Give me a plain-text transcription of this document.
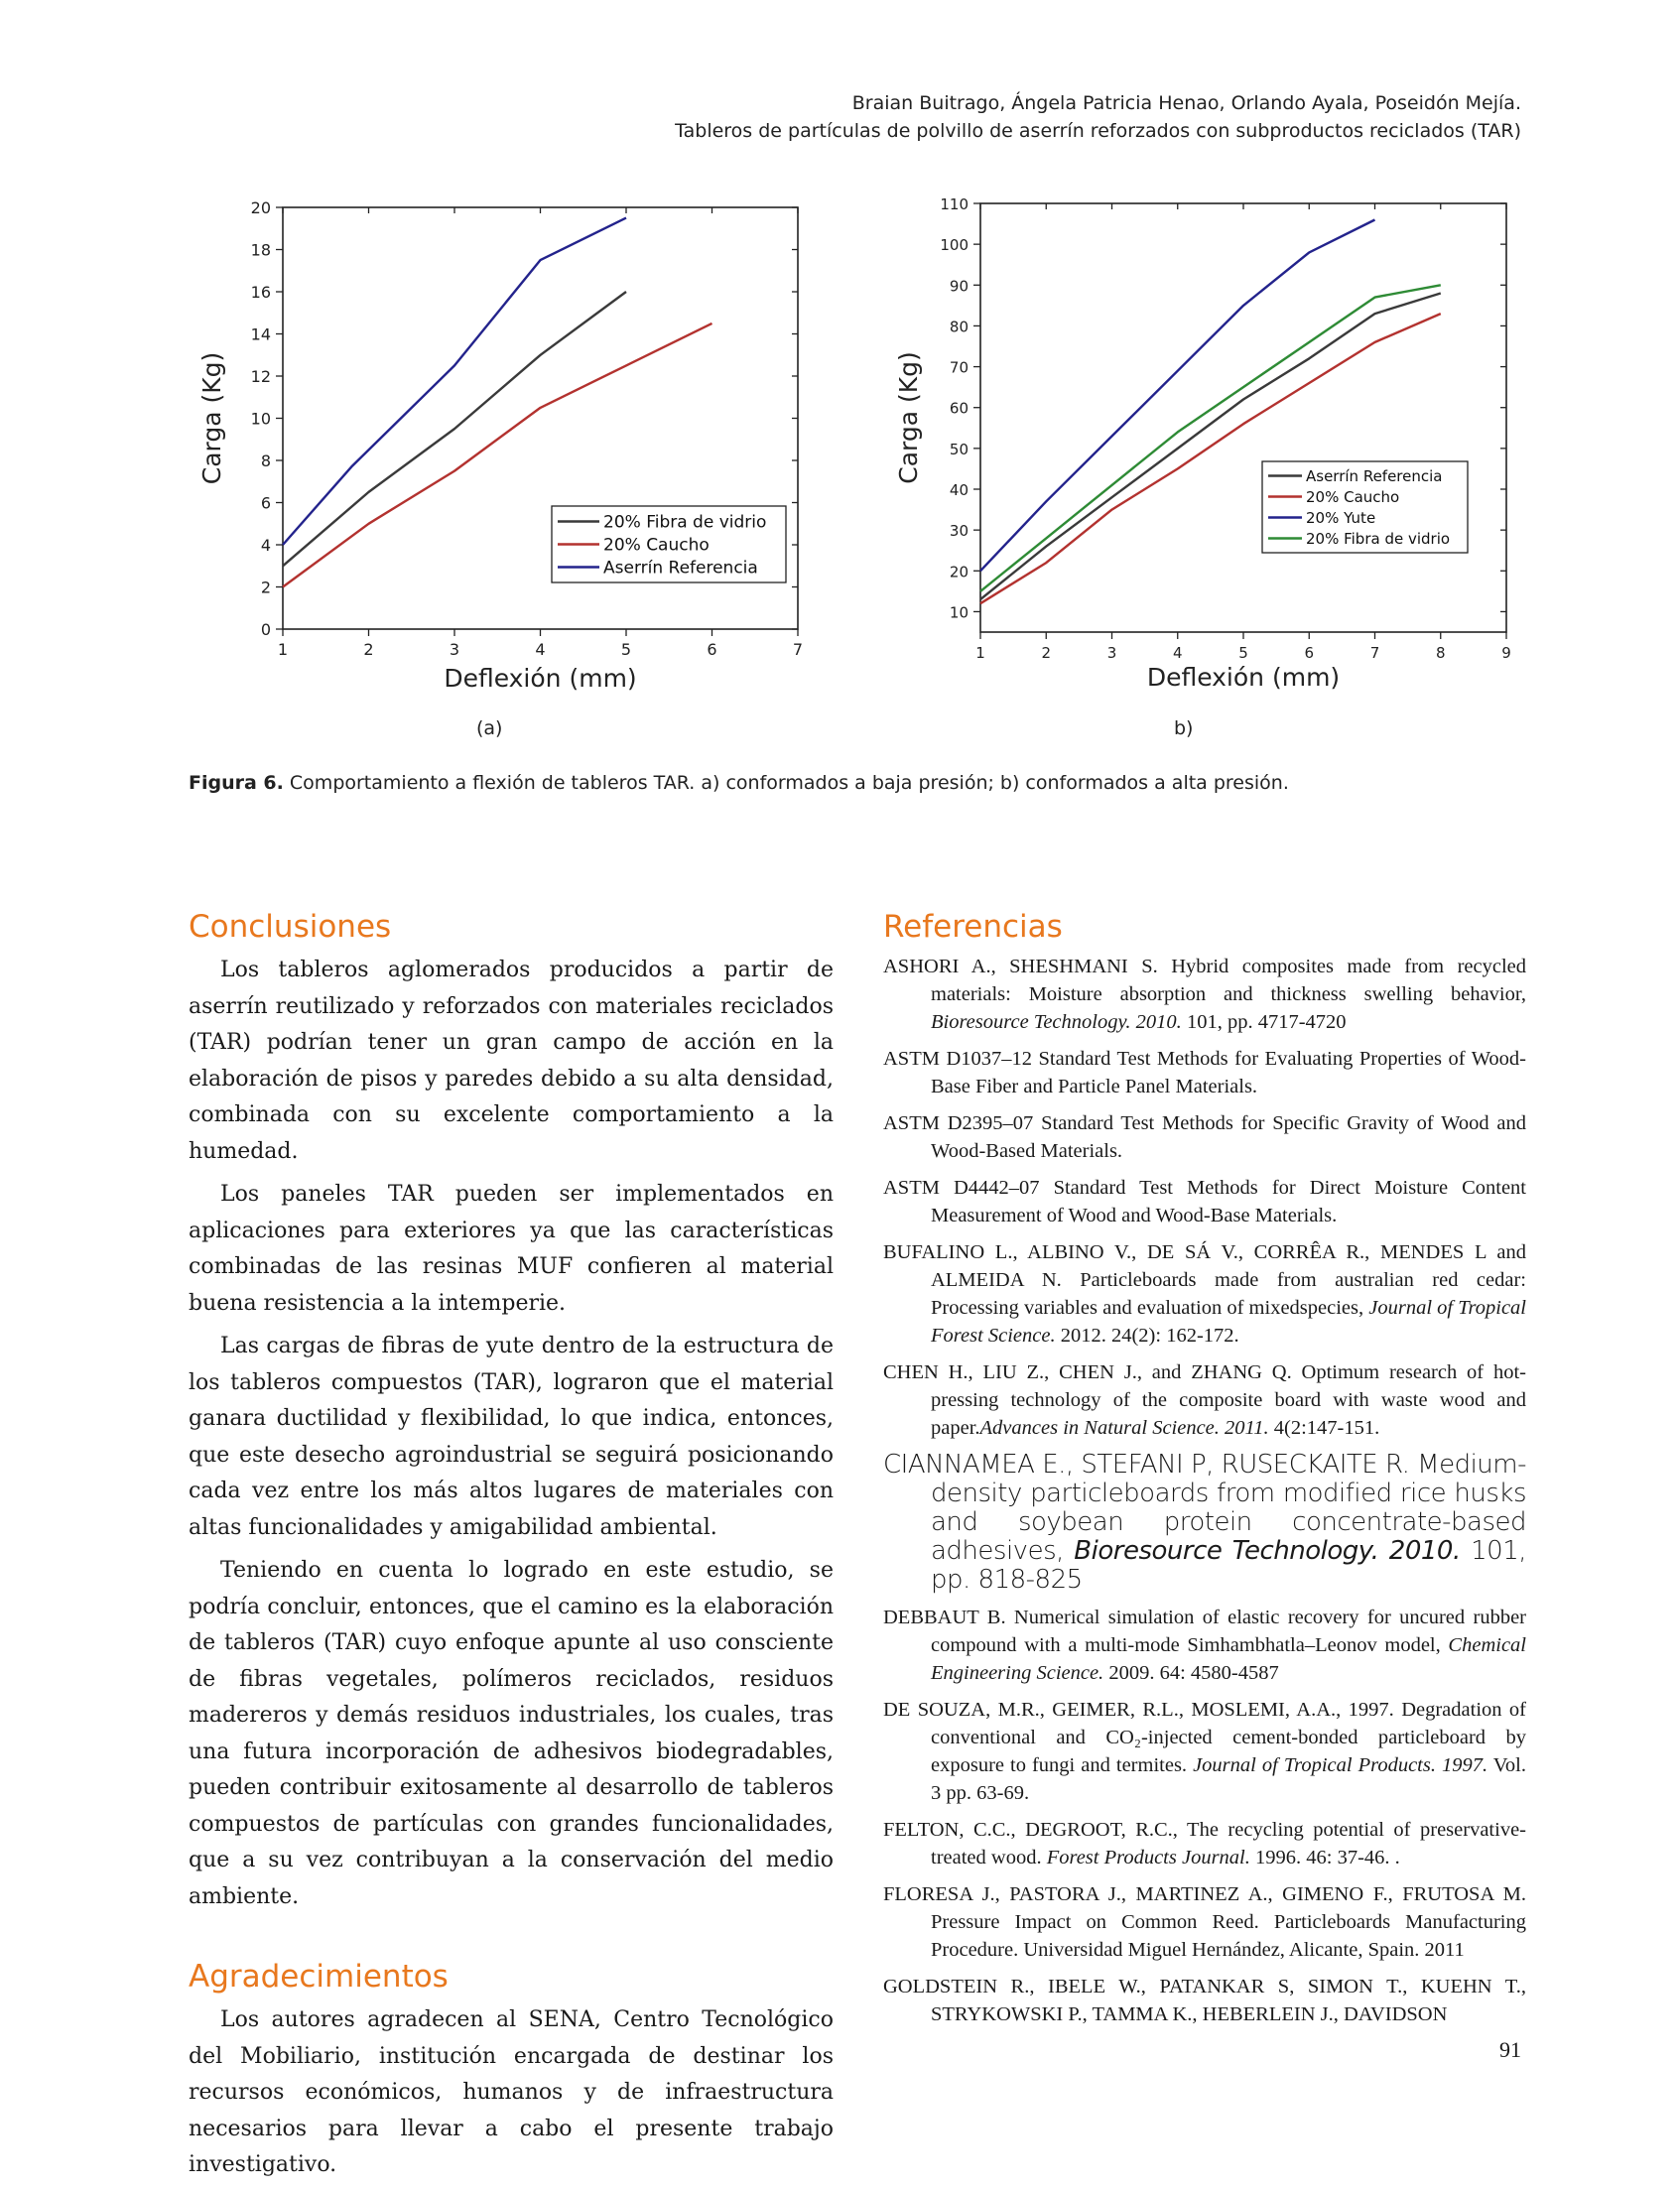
Braian Buitrago, Ángela Patricia Henao, Orlando Ayala, Poseidón Mejía.
Tableros de partículas de polvillo de aserrín reforzados con subproductos reciclados (TAR)
1	2	3	4	5	6	7
0
2
4
6
8
10
12
14
16
18
20
Deflexión (mm)
Carga (Kg)
20% Fibra de vidrio
20% Caucho
Aserrín Referencia
1	2	3	4	5	6	7	8	9
10
20
30
40
50
60
70
80
90
100
110
Deflexión (mm)
Carga (Kg)	Aserrín Referencia
20% Caucho
20% Yute
20% Fibra de vidrio
(a)	b)
Figura 6. Comportamiento a flexión de tableros TAR. a) conformados a baja presión; b) conformados a alta presión.
Conclusiones

Los tableros aglomerados producidos a partir de aserrín reutilizado y reforzados con materiales reciclados (TAR) podrían tener un gran campo de acción en la elaboración de pisos y paredes debido a su alta densidad, combinada con su excelente comportamiento a la humedad.

Los paneles TAR pueden ser implementados en aplicaciones para exteriores ya que las características combinadas de las resinas MUF confieren al material buena resistencia a la intemperie.

Las cargas de fibras de yute dentro de la estructura de los tableros compuestos (TAR), lograron que el material ganara ductilidad y flexibilidad, lo que indica, entonces, que este desecho agroindustrial se seguirá posicionando cada vez entre los más altos lugares de materiales con altas funcionalidades y amigabilidad ambiental.

Teniendo en cuenta lo logrado en este estudio, se podría concluir, entonces, que el camino es la elaboración de tableros (TAR) cuyo enfoque apunte al uso consciente de fibras vegetales, polímeros reciclados, residuos madereros y demás residuos industriales, los cuales, tras una futura incorporación de adhesivos biodegradables, pueden contribuir exitosamente al desarrollo de tableros compuestos de partículas con grandes funcionalidades, que a su vez contribuyan a la conservación del medio ambiente.

Agradecimientos

Los autores agradecen al SENA, Centro Tecnológico del Mobiliario, institución encargada de destinar los recursos económicos, humanos y de infraestructura necesarios para llevar a cabo el presente trabajo investigativo.

Referencias

ASHORI A., SHESHMANI S. Hybrid composites made from recycled materials: Moisture absorption and thickness swelling behavior, Bioresource Technology. 2010. 101, pp. 4717-4720

ASTM D1037–12 Standard Test Methods for Evaluating Properties of Wood-Base Fiber and Particle Panel Materials.

ASTM D2395–07 Standard Test Methods for Specific Gravity of Wood and Wood-Based Materials.

ASTM D4442–07 Standard Test Methods for Direct Moisture Content Measurement of Wood and Wood-Base Materials.

BUFALINO L., ALBINO V., DE SÁ V., CORRÊA R., MENDES L and ALMEIDA N. Particleboards made from australian red cedar: Processing variables and evaluation of mixedspecies, Journal of Tropical Forest Science. 2012. 24(2): 162-172.

CHEN H., LIU Z., CHEN J., and ZHANG Q. Optimum research of hot-pressing technology of the composite board with waste wood and paper.Advances in Natural Science. 2011. 4(2:147-151.

CIANNAMEA E., STEFANI P, RUSECKAITE R. Medium-density particleboards from modified rice husks and soybean protein concentrate-based adhesives, Bioresource Technology. 2010. 101, pp. 818-825

DEBBAUT B. Numerical simulation of elastic recovery for uncured rubber compound with a multi-mode Simhambhatla–Leonov model, Chemical Engineering Science. 2009. 64: 4580-4587

DE SOUZA, M.R., GEIMER, R.L., MOSLEMI, A.A., 1997. Degradation of conventional and CO₂-injected cement-bonded particleboard by exposure to fungi and termites. Journal of Tropical Products. 1997. Vol. 3 pp. 63-69.

FELTON, C.C., DEGROOT, R.C., The recycling potential of preservative-treated wood. Forest Products Journal. 1996. 46: 37-46. .

FLORESA J., PASTORA J., MARTINEZ A., GIMENO F., FRUTOSA M. Pressure Impact on Common Reed. Particleboards Manufacturing Procedure. Universidad Miguel Hernández, Alicante, Spain. 2011

GOLDSTEIN R., IBELE W., PATANKAR S, SIMON T., KUEHN T., STRYKOWSKI P., TAMMA K., HEBERLEIN J., DAVIDSON

91
